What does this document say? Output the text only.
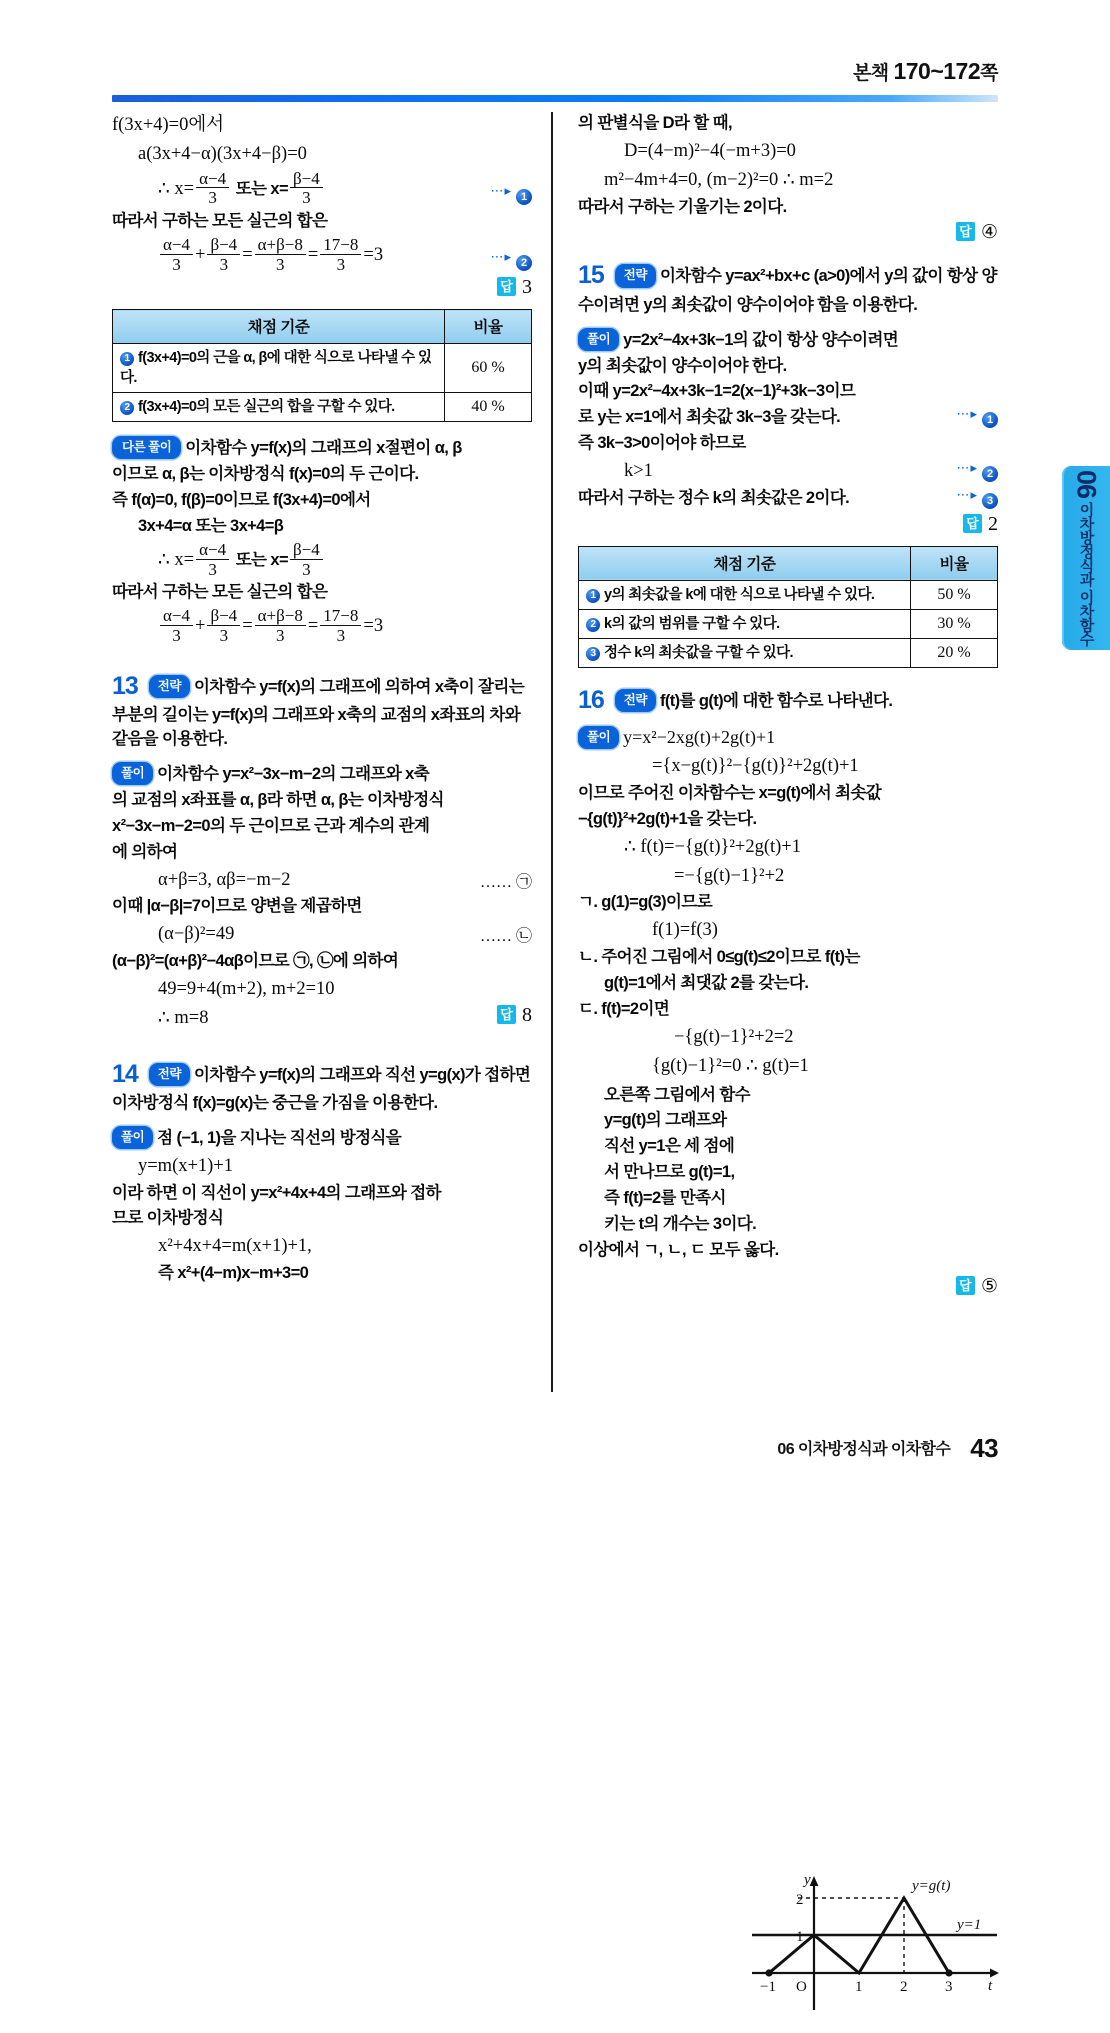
본책 170~172쪽
f(3x+4)=0에서
a(3x+4−α)(3x+4−β)=0
∴ $x= \frac{\alpha-4}{3}$ 또는 $x= \frac{\beta-4}{3}$	⋯▸ 1
따라서 구하는 모든 실근의 합은
$\frac{\alpha-4}{3} + \frac{\beta-4}{3} = \frac{\alpha+\beta-8}{3} = \frac{17-8}{3} =3$	⋯▸ 2
답3
채점 기준	비율
1 f(3x+4)=0의 근을 α, β에 대한 식으로 나타낼 수 있다.	60 %
2 f(3x+4)=0의 모든 실근의 합을 구할 수 있다.	40 %
다른 풀이 이차함수 y=f(x)의 그래프의 x절편이 α, β
이므로 α, β는 이차방정식 f(x)=0의 두 근이다.
즉 f(α)=0, f(β)=0이므로 f(3x+4)=0에서
3x+4=α 또는 3x+4=β
∴ $x= \frac{\alpha-4}{3}$ 또는 $x= \frac{\beta-4}{3}$
따라서 구하는 모든 실근의 합은
$\frac{\alpha-4}{3} + \frac{\beta-4}{3} = \frac{\alpha+\beta-8}{3} = \frac{17-8}{3} =3$
13 전략 이차함수 y=f(x)의 그래프에 의하여 x축이 잘리는 부분의 길이는 y=f(x)의 그래프와 x축의 교점의 x좌표의 차와 같음을 이용한다.
풀이 이차함수 y=x²−3x−m−2의 그래프와 x축
의 교점의 x좌표를 α, β라 하면 α, β는 이차방정식
x²−3x−m−2=0의 두 근이므로 근과 계수의 관계
에 의하여
α+β=3, αβ=−m−2	…… ㉠
이때 |α−β|=7이므로 양변을 제곱하면
(α−β)²=49	…… ㉡
(α−β)²=(α+β)²−4αβ이므로 ㉠, ㉡에 의하여
49=9+4(m+2), m+2=10
∴ m=8	8
14 전략 이차함수 y=f(x)의 그래프와 직선 y=g(x)가 접하면 이차방정식 f(x)=g(x)는 중근을 가짐을 이용한다.
풀이 점 (−1, 1)을 지나는 직선의 방정식을
y=m(x+1)+1
이라 하면 이 직선이 y=x²+4x+4의 그래프와 접하
므로 이차방정식
x²+4x+4=m(x+1)+1,
즉 x²+(4−m)x−m+3=0
의 판별식을 D라 할 때,
D=(4−m)²−4(−m+3)=0
m²−4m+4=0, (m−2)²=0 ∴ m=2
따라서 구하는 기울기는 2이다.
답④
15 전략 이차함수 y=ax²+bx+c (a>0)에서 y의 값이 항상 양수이려면 y의 최솟값이 양수이어야 함을 이용한다.
풀이 y=2x²−4x+3k−1의 값이 항상 양수이려면
y의 최솟값이 양수이어야 한다.
이때 y=2x²−4x+3k−1=2(x−1)²+3k−3이므
로 y는 x=1에서 최솟값 3k−3을 갖는다.	⋯▸ 1
즉 3k−3>0이어야 하므로
k>1	⋯▸ 2
따라서 구하는 정수 k의 최솟값은 2이다.	⋯▸ 3
답2
채점 기준	비율
1 y의 최솟값을 k에 대한 식으로 나타낼 수 있다.	50 %
2 k의 값의 범위를 구할 수 있다.	30 %
3 정수 k의 최솟값을 구할 수 있다.	20 %
16 전략 f(t)를 g(t)에 대한 함수로 나타낸다.
풀이 y=x²−2xg(t)+2g(t)+1
={x−g(t)}²−{g(t)}²+2g(t)+1
이므로 주어진 이차함수는 x=g(t)에서 최솟값
−{g(t)}²+2g(t)+1을 갖는다.
∴ f(t)=−{g(t)}²+2g(t)+1
=−{g(t)−1}²+2
ㄱ. g(1)=g(3)이므로
f(1)=f(3)
ㄴ. 주어진 그림에서 0≤g(t)≤2이므로 f(t)는
g(t)=1에서 최댓값 2를 갖는다.
ㄷ. f(t)=2이면
−{g(t)−1}²+2=2
{g(t)−1}²=0 ∴ g(t)=1
오른쪽 그림에서 함수
y=g(t)의 그래프와
직선 y=1은 세 점에
서 만나므로 g(t)=1,
즉 f(t)=2를 만족시
키는 t의 개수는 3이다.
이상에서 ㄱ, ㄴ, ㄷ 모두 옳다.
답⑤
y
t
2
1
−1 O	1	2	3
y=g(t)
y=1
06
이차방정식과 이차함수
06 이차방정식과 이차함수 43
